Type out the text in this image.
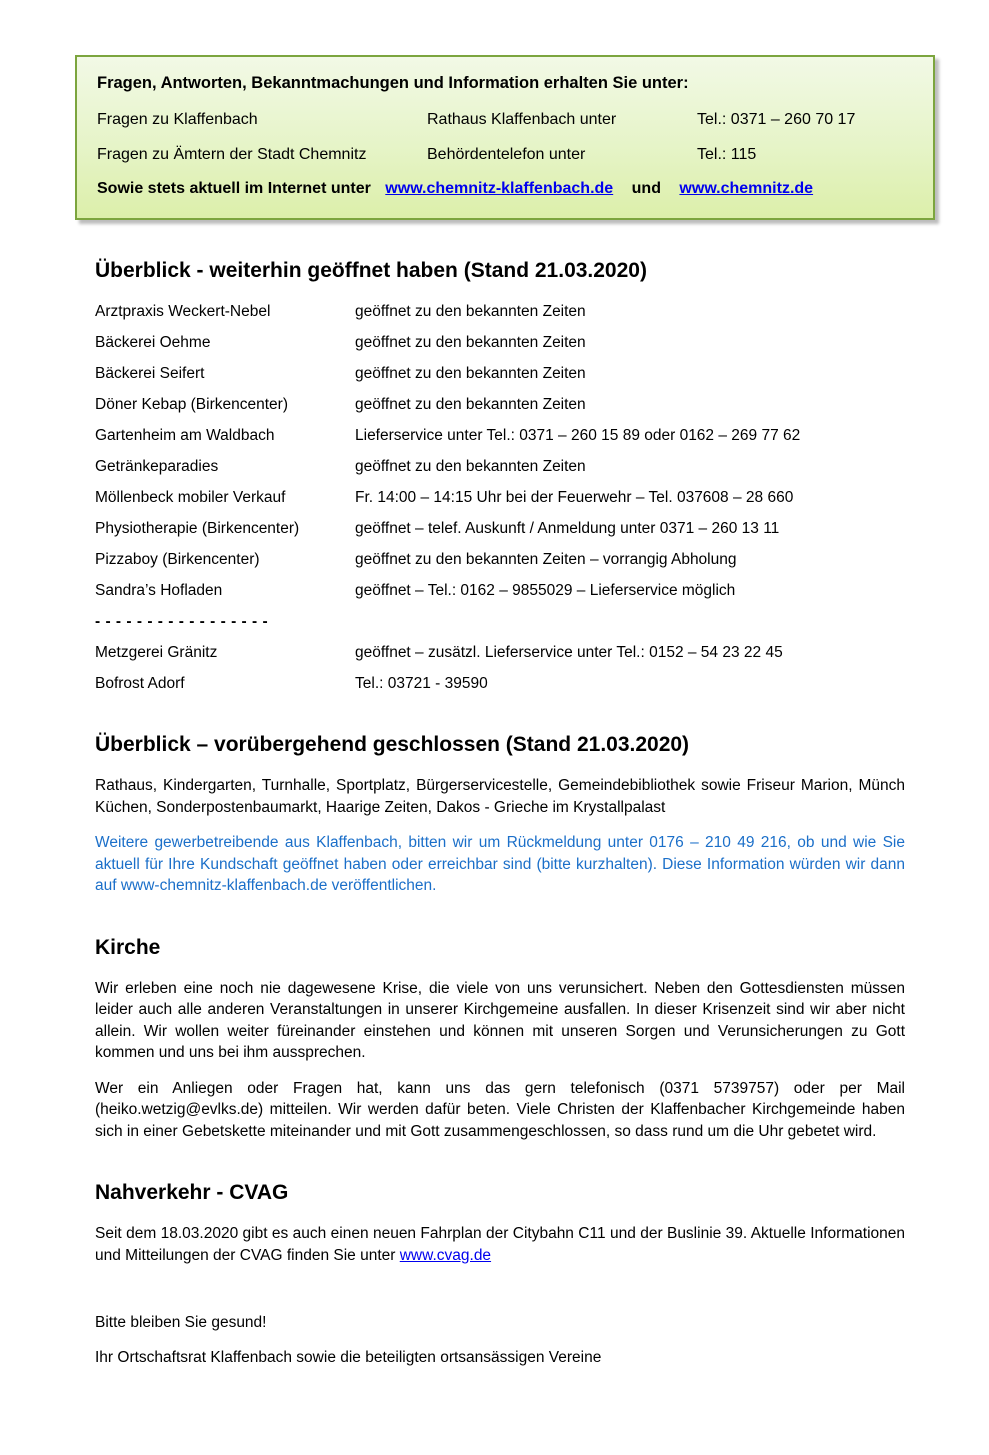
Fragen, Antworten, Bekanntmachungen und Information erhalten Sie unter:
Fragen zu Klaffenbach	Rathaus Klaffenbach unter	Tel.: 0371 – 260 70 17
Fragen zu Ämtern der Stadt Chemnitz	Behördentelefon unter	Tel.: 115
Sowie stets aktuell im Internet unter www.chemnitz-klaffenbach.de und www.chemnitz.de
Überblick - weiterhin geöffnet haben (Stand 21.03.2020)
Arztpraxis Weckert-Nebel	geöffnet zu den bekannten Zeiten
Bäckerei Oehme	geöffnet zu den bekannten Zeiten
Bäckerei Seifert	geöffnet zu den bekannten Zeiten
Döner Kebap (Birkencenter)	geöffnet zu den bekannten Zeiten
Gartenheim am Waldbach	Lieferservice unter Tel.: 0371 – 260 15 89 oder 0162 – 269 77 62
Getränkeparadies	geöffnet zu den bekannten Zeiten
Möllenbeck mobiler Verkauf	Fr. 14:00 – 14:15 Uhr bei der Feuerwehr – Tel. 037608 – 28 660
Physiotherapie (Birkencenter)	geöffnet – telef. Auskunft / Anmeldung unter 0371 – 260 13 11
Pizzaboy (Birkencenter)	geöffnet zu den bekannten Zeiten – vorrangig Abholung
Sandra’s Hofladen	geöffnet – Tel.: 0162 – 9855029 – Lieferservice möglich
- - - - - - - - - - - - - - - - -
Metzgerei Gränitz	geöffnet – zusätzl. Lieferservice unter Tel.: 0152 – 54 23 22 45
Bofrost Adorf	Tel.: 03721 - 39590
Überblick – vorübergehend geschlossen (Stand 21.03.2020)

Rathaus, Kindergarten, Turnhalle, Sportplatz, Bürgerservicestelle, Gemeindebibliothek sowie Friseur Marion, Münch Küchen, Sonderpostenbaumarkt, Haarige Zeiten, Dakos - Grieche im Krystallpalast

Weitere gewerbetreibende aus Klaffenbach, bitten wir um Rückmeldung unter 0176 – 210 49 216, ob und wie Sie aktuell für Ihre Kundschaft geöffnet haben oder erreichbar sind (bitte kurzhalten). Diese Information würden wir dann auf www-chemnitz-klaffenbach.de veröffentlichen.

Kirche

Wir erleben eine noch nie dagewesene Krise, die viele von uns verunsichert. Neben den Gottesdiensten müssen leider auch alle anderen Veranstaltungen in unserer Kirchgemeine ausfallen. In dieser Krisenzeit sind wir aber nicht allein. Wir wollen weiter füreinander einstehen und können mit unseren Sorgen und Verunsicherungen zu Gott kommen und uns bei ihm aussprechen.

Wer ein Anliegen oder Fragen hat, kann uns das gern telefonisch (0371 5739757) oder per Mail (heiko.wetzig@evlks.de) mitteilen. Wir werden dafür beten. Viele Christen der Klaffenbacher Kirchgemeinde haben sich in einer Gebetskette miteinander und mit Gott zusammengeschlossen, so dass rund um die Uhr gebetet wird.

Nahverkehr - CVAG

Seit dem 18.03.2020 gibt es auch einen neuen Fahrplan der Citybahn C11 und der Buslinie 39. Aktuelle Informationen und Mitteilungen der CVAG finden Sie unter www.cvag.de

Bitte bleiben Sie gesund!
Ihr Ortschaftsrat Klaffenbach sowie die beteiligten ortsansässigen Vereine
